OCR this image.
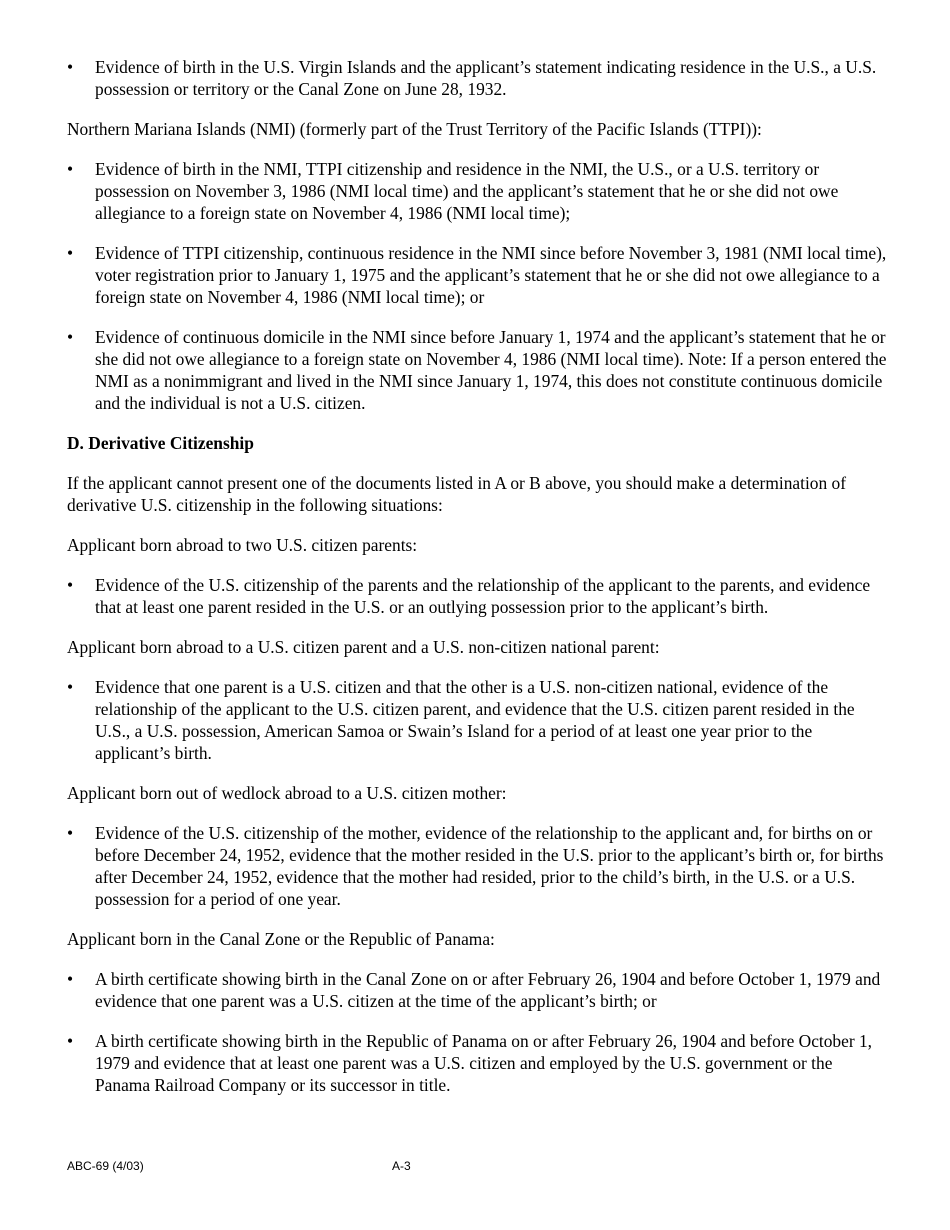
• Evidence of birth in the U.S. Virgin Islands and the applicant’s statement indicating residence in the U.S., a U.S. possession or territory or the Canal Zone on June 28, 1932.

Northern Mariana Islands (NMI) (formerly part of the Trust Territory of the Pacific Islands (TTPI)):

• Evidence of birth in the NMI, TTPI citizenship and residence in the NMI, the U.S., or a U.S. territory or possession on November 3, 1986 (NMI local time) and the applicant’s statement that he or she did not owe allegiance to a foreign state on November 4, 1986 (NMI local time);
• Evidence of TTPI citizenship, continuous residence in the NMI since before November 3, 1981 (NMI local time), voter registration prior to January 1, 1975 and the applicant’s statement that he or she did not owe allegiance to a foreign state on November 4, 1986 (NMI local time); or
• Evidence of continuous domicile in the NMI since before January 1, 1974 and the applicant’s statement that he or she did not owe allegiance to a foreign state on November 4, 1986 (NMI local time). Note: If a person entered the NMI as a nonimmigrant and lived in the NMI since January 1, 1974, this does not constitute continuous domicile and the individual is not a U.S. citizen.

D. Derivative Citizenship

If the applicant cannot present one of the documents listed in A or B above, you should make a determination of derivative U.S. citizenship in the following situations:

Applicant born abroad to two U.S. citizen parents:

• Evidence of the U.S. citizenship of the parents and the relationship of the applicant to the parents, and evidence that at least one parent resided in the U.S. or an outlying possession prior to the applicant’s birth.

Applicant born abroad to a U.S. citizen parent and a U.S. non-citizen national parent:

• Evidence that one parent is a U.S. citizen and that the other is a U.S. non-citizen national, evidence of the relationship of the applicant to the U.S. citizen parent, and evidence that the U.S. citizen parent resided in the U.S., a U.S. possession, American Samoa or Swain’s Island for a period of at least one year prior to the applicant’s birth.

Applicant born out of wedlock abroad to a U.S. citizen mother:

• Evidence of the U.S. citizenship of the mother, evidence of the relationship to the applicant and, for births on or before December 24, 1952, evidence that the mother resided in the U.S. prior to the applicant’s birth or, for births after December 24, 1952, evidence that the mother had resided, prior to the child’s birth, in the U.S. or a U.S. possession for a period of one year.

Applicant born in the Canal Zone or the Republic of Panama:

• A birth certificate showing birth in the Canal Zone on or after February 26, 1904 and before October 1, 1979 and evidence that one parent was a U.S. citizen at the time of the applicant’s birth; or
• A birth certificate showing birth in the Republic of Panama on or after February 26, 1904 and before October 1, 1979 and evidence that at least one parent was a U.S. citizen and employed by the U.S. government or the Panama Railroad Company or its successor in title.
ABC-69 (4/03)	A-3
